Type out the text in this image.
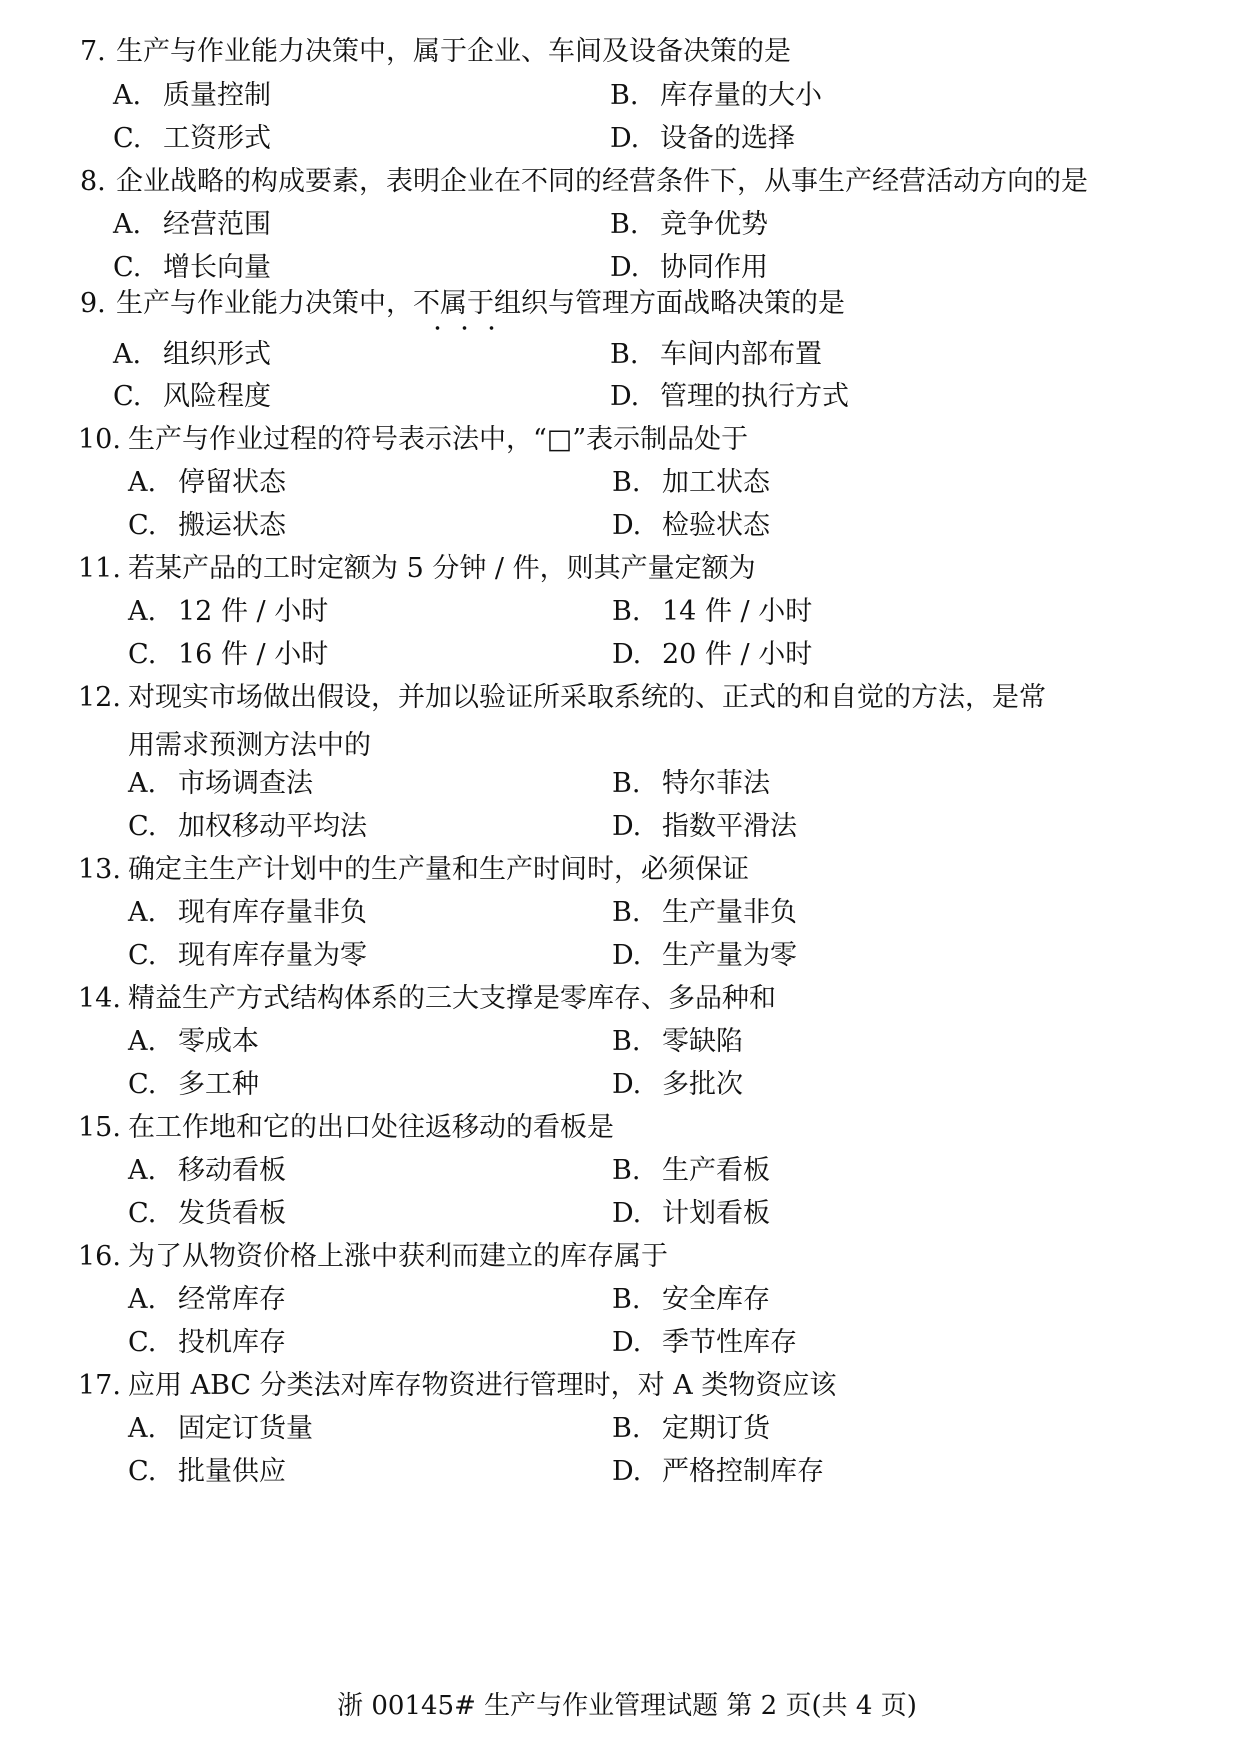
7. 生产与作业能力决策中，属于企业、车间及设备决策的是
A. 质量控制	B. 库存量的大小
C. 工资形式	D. 设备的选择
8. 企业战略的构成要素，表明企业在不同的经营条件下，从事生产经营活动方向的是
A. 经营范围	B. 竞争优势
C. 增长向量	D. 协同作用
9. 生产与作业能力决策中，不属于组织与管理方面战略决策的是
A. 组织形式	B. 车间内部布置
C. 风险程度	D. 管理的执行方式
10. 生产与作业过程的符号表示法中，“□”表示制品处于
A. 停留状态	B. 加工状态
C. 搬运状态	D. 检验状态
11. 若某产品的工时定额为 5 分钟 / 件，则其产量定额为
A. 12 件 / 小时	B. 14 件 / 小时
C. 16 件 / 小时	D. 20 件 / 小时
12. 对现实市场做出假设，并加以验证所采取系统的、正式的和自觉的方法，是常用需求预测方法中的
A. 市场调查法	B. 特尔菲法
C. 加权移动平均法	D. 指数平滑法
13. 确定主生产计划中的生产量和生产时间时，必须保证
A. 现有库存量非负	B. 生产量非负
C. 现有库存量为零	D. 生产量为零
14. 精益生产方式结构体系的三大支撑是零库存、多品种和
A. 零成本	B. 零缺陷
C. 多工种	D. 多批次
15. 在工作地和它的出口处往返移动的看板是
A. 移动看板	B. 生产看板
C. 发货看板	D. 计划看板
16. 为了从物资价格上涨中获利而建立的库存属于
A. 经常库存	B. 安全库存
C. 投机库存	D. 季节性库存
17. 应用 ABC 分类法对库存物资进行管理时，对 A 类物资应该
A. 固定订货量	B. 定期订货
C. 批量供应	D. 严格控制库存
浙 00145# 生产与作业管理试题 第 2 页(共 4 页)
